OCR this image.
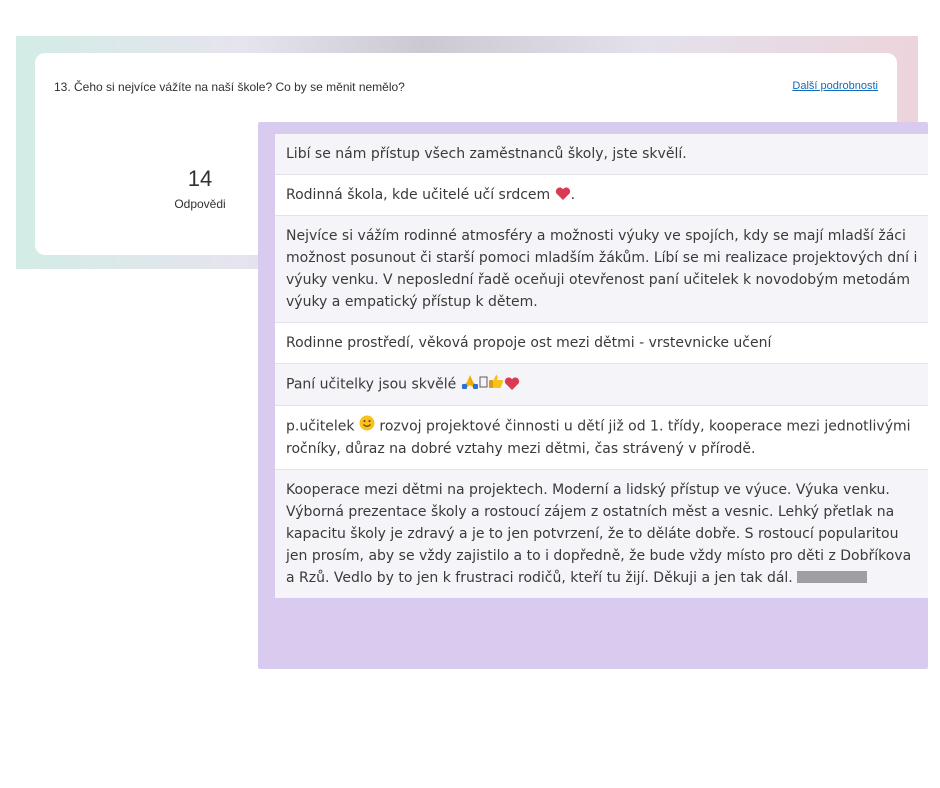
13. Čeho si nejvíce vážíte na naší škole? Co by se měnit nemělo?	Další podrobnosti
14
Odpovědi
Libí se nám přístup všech zaměstnanců školy, jste skvělí.
Rodinná škola, kde učitelé učí srdcem
.
Nejvíce si vážím rodinné atmosféry a možnosti výuky ve spojích, kdy se mají mladší žáci možnost posunout či starší pomoci mladším žákům. Líbí se mi realizace projektových dní i výuky venku. V neposlední řadě oceňuji otevřenost paní učitelek k novodobým metodám výuky a empatický přístup k dětem.
Rodinne prostředí, věková propoje ost mezi dětmi - vrstevnicke učení
Paní učitelky jsou skvělé
p.učitelek  rozvoj projektové činnosti u dětí již od 1. třídy, kooperace mezi jednotlivými ročníky, důraz na dobré vztahy mezi dětmi, čas strávený v přírodě.
Kooperace mezi dětmi na projektech. Moderní a lidský přístup ve výuce. Výuka venku. Výborná prezentace školy a rostoucí zájem z ostatních měst a vesnic. Lehký přetlak na kapacitu školy je zdravý a je to jen potvrzení, že to děláte dobře. S rostoucí popularitou jen prosím, aby se vždy zajistilo a to i dopředně, že bude vždy místo pro děti z Dobříkova a Rzů. Vedlo by to jen k frustraci rodičů, kteří tu žijí. Děkuji a jen tak dál.
